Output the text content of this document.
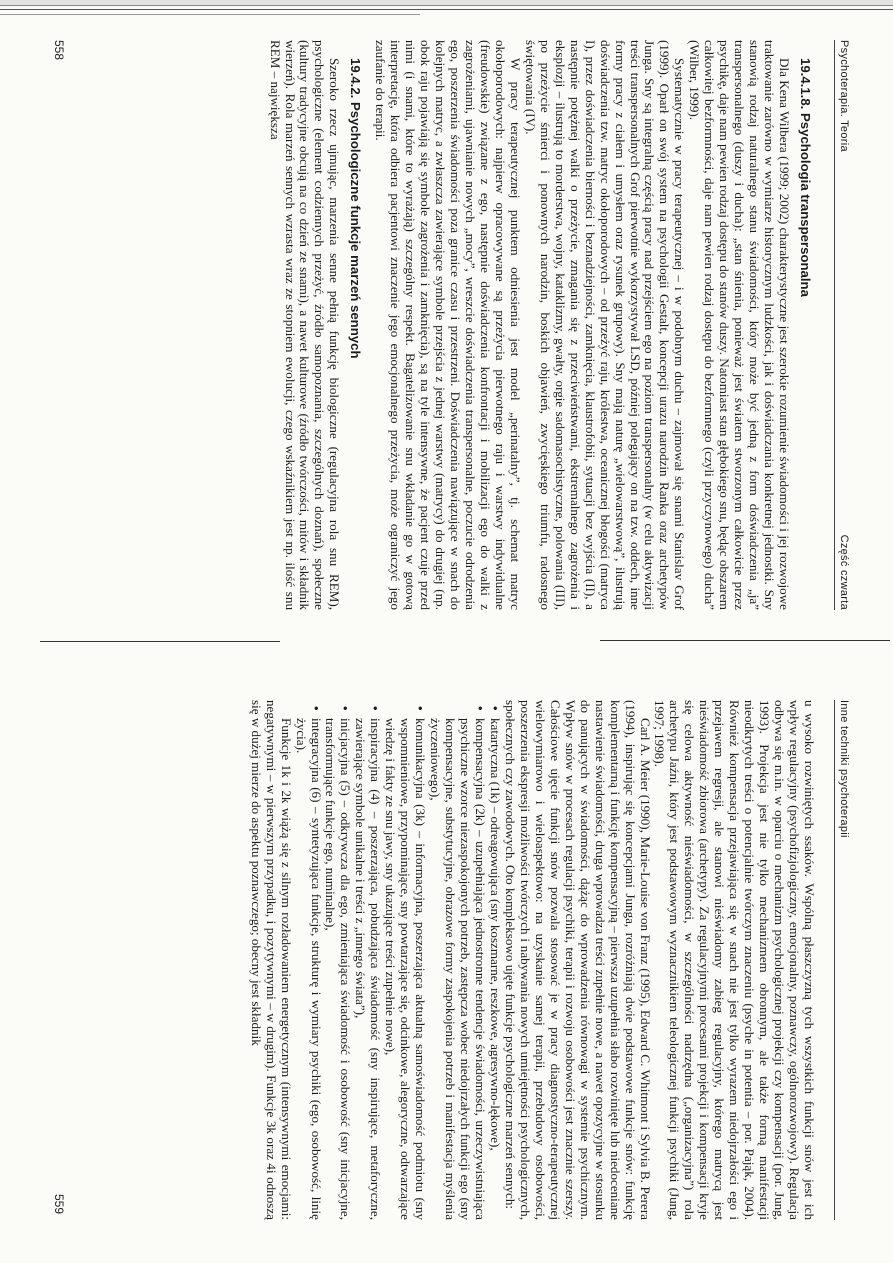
Psychoterapia. Teoria
Część czwarta
19.4.1.8. Psychologia transpersonalna

Dla Kena Wilbera (1999; 2002) charakterystyczne jest szerokie rozumienie świadomości i jej rozwojowe traktowanie zarówno w wymiarze historycznym ludzkości, jak i doświadczania konkretnej jednostki. Sny stanowią rodzaj naturalnego stanu świadomości, który może być jedną z form doświadczenia „ja” transpersonalnego (duszy i ducha): „stan śnienia, ponieważ jest światem stworzonym całkowicie przez psychikę, daje nam pewien rodzaj dostępu do stanów duszy. Natomiast stan głębokiego snu, będąc obszarem całkowitej bezformności, daje nam pewien rodzaj dostępu do bezformnego (czyli przyczynowego) ducha” (Wilber, 1999).

Systematycznie w pracy terapeutycznej – i w podobnym duchu – zajmował się snami Stanislav Grof (1999). Oparł on swój system na psychologii Gestalt, koncepcji urazu narodzin Ranka oraz archetypów Junga. Sny są integralną częścią pracy nad przejściem ego na poziom transpersonalny (w celu aktywizacji treści transpersonalnych Grof pierwotnie wykorzystywał LSD, później polegający on na tzw. oddech, inne formy pracy z ciałem i umysłem oraz rysunek grupowy). Sny mają naturę „wielowarstwową”, ilustrują doświadczenia tzw. matryc okołoporodowych – od przeżyć raju, królestwa, oceanicznej błogości (matryca I), przez doświadczenia bierności i beznadziejności, zamknięcia, klaustrofobii, sytuacji bez wyjścia (II), a następnie potężnej walki o przeżycie, zmagania się z przeciwieństwami, ekstremalnego zagrożenia i eksplozji – ilustrują to morderstwa, wojny, kataklizmy, gwałty, orgie sadomasochistyczne, polowania (III), po przeżycie śmierci i ponownych narodzin, boskich objawień, zwycięskiego triumfu, radosnego świętowania (IV).

W pracy terapeutycznej punktem odniesienia jest model „perinatalny”, tj. schemat matryc okołoporodowych: najpierw opracowywane są przeżycia pierwotnego raju i warstwy indywidualne (freudowskie) związane z ego, następnie doświadczenia konfrontacji i mobilizacji ego do walki z zagrożeniami, ujawnianie nowych „mocy”, wreszcie doświadczenia transpersonalne, poczucie odrodzenia ego, poszerzenia świadomości poza granice czasu i przestrzeni. Doświadczenia nawiązujące w snach do kolejnych matryc, a zwłaszcza zawierające symbole przejścia z jednej warstwy (matrycy) do drugiej (np. obok raju pojawiają się symbole zagrożenia i zamknięcia), są na tyle intensywne, że pacjent czuje przed nimi (i snami, które to wyrażają) szczególny respekt. Bagatelizowanie snu wkładanie go w gotową interpretację, która odbiera pacjentowi znaczenie jego emocjonalnego przeżycia, może ograniczyć jego zaufanie do terapii.

19.4.2. Psychologiczne funkcje marzeń sennych

Szeroko rzecz ujmując, marzenia senne pełnią funkcję biologiczne (regulacyjna rola snu REM), psychologiczne (element codziennych przeżyć, źródło samopoznania, szczególnych doznań), społeczne (kultury tradycyjne obcują na co dzień ze snami), a nawet kulturowe (źródło twórczości, mitów i składnik wierzeń). Rola marzeń sennych wzrasta wraz ze stopniem ewolucji, czego wskaźnikiem jest np. ilość snu REM – największa

558
Inne techniki psychoterapii

u wysoko rozwiniętych ssaków. Wspólną płaszczyzną tych wszystkich funkcji snów jest ich wpływ regulacyjny (psychofizjologiczny, emocjonalny, poznawczy, ogólnorozwojowy). Regulacja odbywa się m.in. w oparciu o mechanizm psychologicznej projekcji czy kompensacji (por. Jung, 1993). Projekcja jest nie tylko mechanizmem obronnym, ale także formą manifestacji nieodkrytych treści o potencjalnie twórczym znaczeniu (psyche in potentia – por. Pająk, 2004). Również kompensacja przejawiająca się w snach nie jest tylko wyrazem niedojrzałości ego i przejawem regresji, ale stanowi nieświadomy zabieg regulacyjny, którego matrycą jest nieświadomość zbiorowa (archetypy). Za regulacyjnymi procesami projekcji i kompensacji kryje się celowa aktywność nieświadomości, w szczególności nadrzędna („organizacyjna”) rola archetypu Jaźni, który jest podstawowym wyznacznikiem teleologicznej funkcji psychiki (Jung, 1997; 1998).

Carl A. Meier (1990), Marie-Louise von Franz (1995), Edward C. Whitmont i Sylvia B. Perera (1994), inspirując się koncepcjami Junga, rozróżniają dwie podstawowe funkcje snów: funkcję komplementarną i funkcję kompensacyjną – pierwsza uzupełnia słabo rozwinięte lub niedoceniane nastawienie świadomości, druga wprowadza treści zupełnie nowe, a nawet opozycyjne w stosunku do panujących w świadomości, dążąc do wprowadzenia równowagi w systemie psychicznym. Wpływ snów w procesach regulacji psychiki, terapii i rozwoju osobowości jest znacznie szerszy. Całościowe ujęcie funkcji snów pozwala stosować je w pracy diagnostyczno-terapeutycznej wielowymiarowo i wieloaspektowo: na uzyskanie samej terapii, przebudowy osobowości, poszerzenia ekspresji możliwości twórczych i nabywania nowych umiejętności psychologicznych, społecznych czy zawodowych. Oto kompleksowo ujęte funkcje psychologiczne marzeń sennych:

• katartyczna (1k) – odreagowująca (sny koszmarne, reszkowe, agresywno-lękowe),
• kompensacyjna (2k) – uzupełniająca jednostronne tendencje świadomości, urzeczywistniająca psychiczne wzorce niezaspokojonych potrzeb, zastępcza wobec niedojrzałych funkcji ego (sny kompensacyjne, substytucyjne, obrazowe formy zaspokojenia potrzeb i manifestacja myślenia życzeniowego),
• komunikacyjna (3k) – informacyjna, poszerzająca aktualną samoświadomość podmiotu (sny wspomnieniowe, przypominające, sny powtarzające się, odcinkowe, alegoryczne, odtwarzające wiedzę i fakty ze snu jawy, sny ukazujące treści zupełnie nowe),
• inspiracyjna (4) – poszerzająca, pobudzająca świadomość (sny inspirujące, metaforyczne, zawierające symbole unikalne i treści z „innego świata”),
• inicjacyjna (5) – odkrywcza dla ego, zmieniająca świadomość i osobowość (sny inicjacyjne, transformujące funkcje ego, numinalne),
• integracyjna (6) – syntetyzująca funkcje, strukturę i wymiary psychiki (ego, osobowość, linię życia).

Funkcje 1k i 2k wiążą się z silnym rozładowaniem energetycznym (intensywnymi emocjami: negatywnymi – w pierwszym przypadku, i pozytywnymi – w drugim). Funkcje 3k oraz 4i odnoszą się w dużej mierze do aspektu poznawczego; obecny jest składnik

559
